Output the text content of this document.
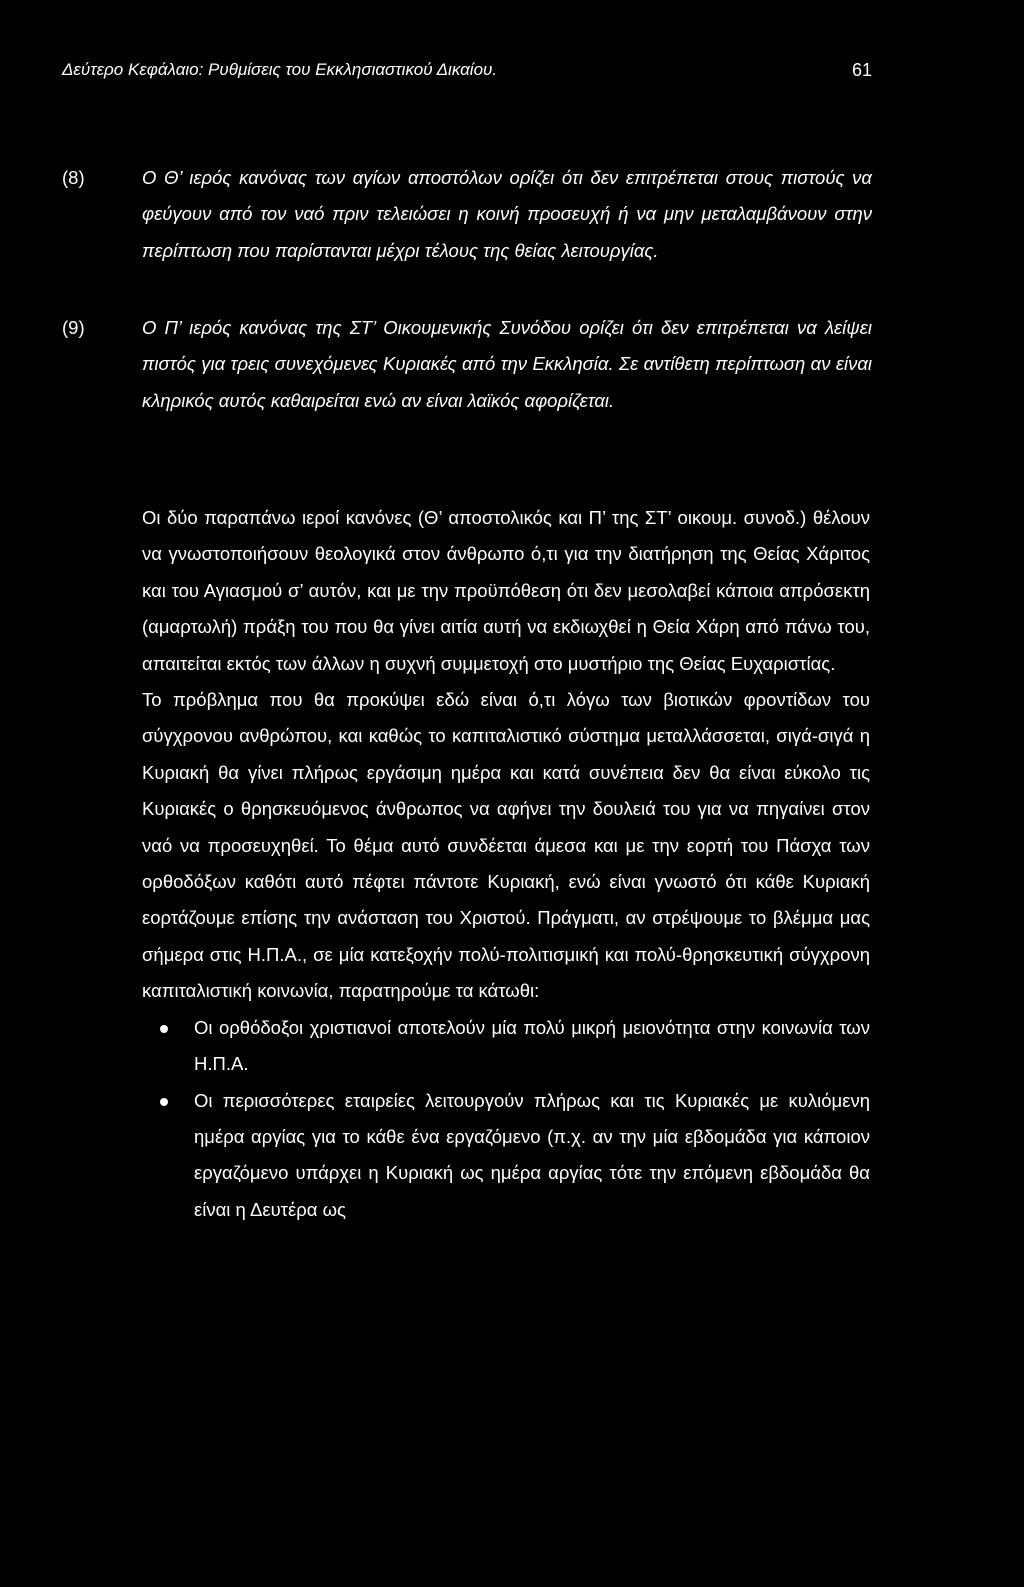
Δεύτερο Κεφάλαιο: Ρυθμίσεις του Εκκλησιαστικού Δικαίου.	61
(8)	Ο Θ’ ιερός κανόνας των αγίων αποστόλων ορίζει ότι δεν επιτρέπεται στους πιστούς να φεύγουν από τον ναό πριν τελειώσει η κοινή προσευχή ή να μην μεταλαμβάνουν στην περίπτωση που παρίστανται μέχρι τέλους της θείας λειτουργίας.
(9)	Ο Π’ ιερός κανόνας της ΣΤ’ Οικουμενικής Συνόδου ορίζει ότι δεν επιτρέπεται να λείψει πιστός για τρεις συνεχόμενες Κυριακές από την Εκκλησία. Σε αντίθετη περίπτωση αν είναι κληρικός αυτός καθαιρείται ενώ αν είναι λαϊκός αφορίζεται.

Οι δύο παραπάνω ιεροί κανόνες (Θ’ αποστολικός και Π’ της ΣΤ’ οικουμ. συνοδ.) θέλουν να γνωστοποιήσουν θεολογικά στον άνθρωπο ό,τι για την διατήρηση της Θείας Χάριτος και του Αγιασμού σ’ αυτόν, και με την προϋπόθεση ότι δεν μεσολαβεί κάποια απρόσεκτη (αμαρτωλή) πράξη του που θα γίνει αιτία αυτή να εκδιωχθεί η Θεία Χάρη από πάνω του, απαιτείται εκτός των άλλων η συχνή συμμετοχή στο μυστήριο της Θείας Ευχαριστίας.

Το πρόβλημα που θα προκύψει εδώ είναι ό,τι λόγω των βιοτικών φροντίδων του σύγχρονου ανθρώπου, και καθώς το καπιταλιστικό σύστημα μεταλλάσσεται, σιγά-σιγά η Κυριακή θα γίνει πλήρως εργάσιμη ημέρα και κατά συνέπεια δεν θα είναι εύκολο τις Κυριακές ο θρησκευόμενος άνθρωπος να αφήνει την δουλειά του για να πηγαίνει στον ναό να προσευχηθεί. Το θέμα αυτό συνδέεται άμεσα και με την εορτή του Πάσχα των ορθοδόξων καθότι αυτό πέφτει πάντοτε Κυριακή, ενώ είναι γνωστό ότι κάθε Κυριακή εορτάζουμε επίσης την ανάσταση του Χριστού. Πράγματι, αν στρέψουμε το βλέμμα μας σήμερα στις Η.Π.Α., σε μία κατεξοχήν πολύ-πολιτισμική και πολύ-θρησκευτική σύγχρονη καπιταλιστική κοινωνία, παρατηρούμε τα κάτωθι:

Οι ορθόδοξοι χριστιανοί αποτελούν μία πολύ μικρή μειονότητα στην κοινωνία των Η.Π.Α.
Οι περισσότερες εταιρείες λειτουργούν πλήρως και τις Κυριακές με κυλιόμενη ημέρα αργίας για το κάθε ένα εργαζόμενο (π.χ. αν την μία εβδομάδα για κάποιον εργαζόμενο υπάρχει η Κυριακή ως ημέρα αργίας τότε την επόμενη εβδομάδα θα είναι η Δευτέρα ως
